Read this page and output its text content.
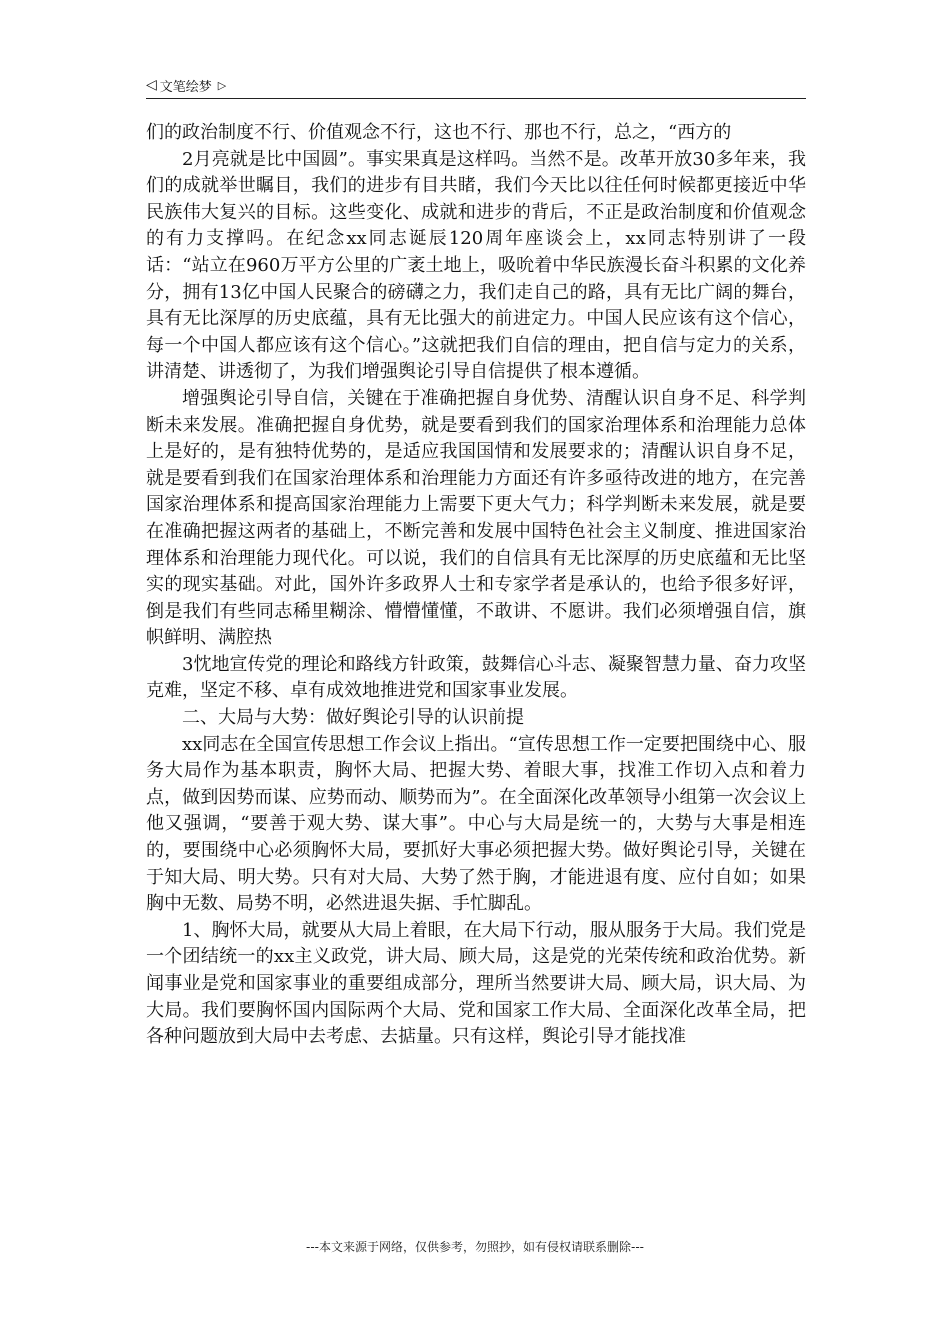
◁ 文笔绘梦 ▷

们的政治制度不行、价值观念不行，这也不行、那也不行，总之，“西方的

2月亮就是比中国圆”。事实果真是这样吗。当然不是。改革开放30多年来，我们的成就举世瞩目，我们的进步有目共睹，我们今天比以往任何时候都更接近中华民族伟大复兴的目标。这些变化、成就和进步的背后，不正是政治制度和价值观念的有力支撑吗。在纪念xx同志诞辰120周年座谈会上，xx同志特别讲了一段话：“站立在960万平方公里的广袤土地上，吸吮着中华民族漫长奋斗积累的文化养分，拥有13亿中国人民聚合的磅礴之力，我们走自己的路，具有无比广阔的舞台，具有无比深厚的历史底蕴，具有无比强大的前进定力。中国人民应该有这个信心，每一个中国人都应该有这个信心。”这就把我们自信的理由，把自信与定力的关系，讲清楚、讲透彻了，为我们增强舆论引导自信提供了根本遵循。

增强舆论引导自信，关键在于准确把握自身优势、清醒认识自身不足、科学判断未来发展。准确把握自身优势，就是要看到我们的国家治理体系和治理能力总体上是好的，是有独特优势的，是适应我国国情和发展要求的；清醒认识自身不足，就是要看到我们在国家治理体系和治理能力方面还有许多亟待改进的地方，在完善国家治理体系和提高国家治理能力上需要下更大气力；科学判断未来发展，就是要在准确把握这两者的基础上，不断完善和发展中国特色社会主义制度、推进国家治理体系和治理能力现代化。可以说，我们的自信具有无比深厚的历史底蕴和无比坚实的现实基础。对此，国外许多政界人士和专家学者是承认的，也给予很多好评，倒是我们有些同志稀里糊涂、懵懵懂懂，不敢讲、不愿讲。我们必须增强自信，旗帜鲜明、满腔热

3忱地宣传党的理论和路线方针政策，鼓舞信心斗志、凝聚智慧力量、奋力攻坚克难，坚定不移、卓有成效地推进党和国家事业发展。

二、大局与大势：做好舆论引导的认识前提

xx同志在全国宣传思想工作会议上指出。“宣传思想工作一定要把围绕中心、服务大局作为基本职责，胸怀大局、把握大势、着眼大事，找准工作切入点和着力点，做到因势而谋、应势而动、顺势而为”。在全面深化改革领导小组第一次会议上他又强调，“要善于观大势、谋大事”。中心与大局是统一的，大势与大事是相连的，要围绕中心必须胸怀大局，要抓好大事必须把握大势。做好舆论引导，关键在于知大局、明大势。只有对大局、大势了然于胸，才能进退有度、应付自如；如果胸中无数、局势不明，必然进退失据、手忙脚乱。

1、胸怀大局，就要从大局上着眼，在大局下行动，服从服务于大局。我们党是一个团结统一的xx主义政党，讲大局、顾大局，这是党的光荣传统和政治优势。新闻事业是党和国家事业的重要组成部分，理所当然要讲大局、顾大局，识大局、为大局。我们要胸怀国内国际两个大局、党和国家工作大局、全面深化改革全局，把各种问题放到大局中去考虑、去掂量。只有这样，舆论引导才能找准

---本文来源于网络，仅供参考，勿照抄，如有侵权请联系删除---
